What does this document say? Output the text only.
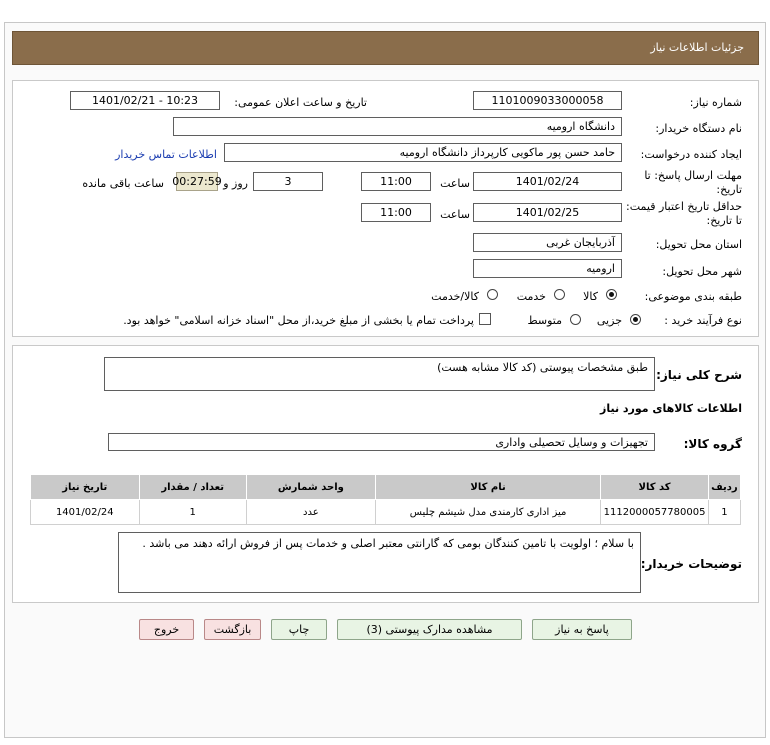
جزئیات اطلاعات نیاز
شماره نیاز:
1101009033000058
تاریخ و ساعت اعلان عمومی:
1401/02/21 - 10:23
نام دستگاه خریدار:
دانشگاه ارومیه
ایجاد کننده درخواست:
حامد حسن پور ماکویی کارپرداز دانشگاه ارومیه
اطلاعات تماس خریدار
مهلت ارسال پاسخ: تا تاریخ:
1401/02/24
ساعت
11:00
3
روز و
00:27:59
ساعت باقی مانده
حداقل تاریخ اعتبار قیمت: تا تاریخ:
1401/02/25
ساعت
11:00
استان محل تحویل:
آذربایجان غربی
شهر محل تحویل:
ارومیه
طبقه بندی موضوعی:
کالا
خدمت
کالا/خدمت
نوع فرآیند خرید :
جزیی
متوسط
پرداخت تمام یا بخشی از مبلغ خرید،از محل "اسناد خزانه اسلامی" خواهد بود.
شرح کلی نیاز:
طبق مشخصات پیوستی (کد کالا مشابه هست)
اطلاعات کالاهای مورد نیاز
گروه کالا:
تجهیزات و وسایل تحصیلی واداری
ردیف	کد کالا	نام کالا	واحد شمارش	تعداد / مقدار	تاریخ نیاز
1	1112000057780005	میز اداری کارمندی مدل شیشم چلیس	عدد	1	1401/02/24
توضیحات خریدار:
با سلام ؛ اولویت با تامین کنندگان بومی که گارانتی معتبر اصلی و خدمات پس از فروش ارائه دهند می باشد .
پاسخ به نیاز
مشاهده مدارک پیوستی (3)
چاپ
بازگشت
خروج
